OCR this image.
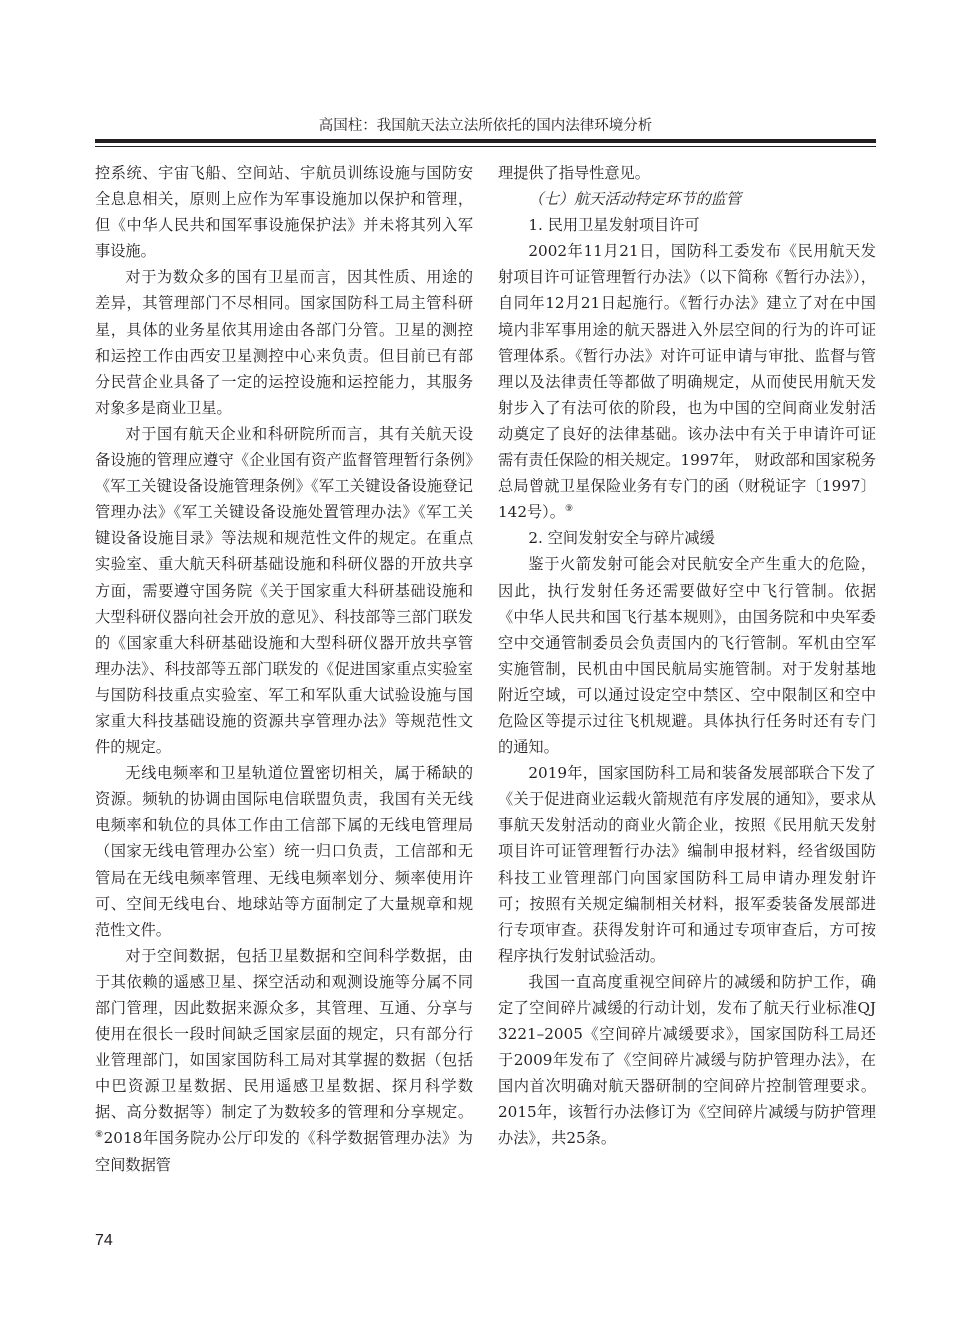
高国柱：我国航天法立法所依托的国内法律环境分析

控系统、宇宙飞船、空间站、宇航员训练设施与国防安全息息相关，原则上应作为军事设施加以保护和管理，但《中华人民共和国军事设施保护法》并未将其列入军事设施。

对于为数众多的国有卫星而言，因其性质、用途的差异，其管理部门不尽相同。国家国防科工局主管科研星，具体的业务星依其用途由各部门分管。卫星的测控和运控工作由西安卫星测控中心来负责。但目前已有部分民营企业具备了一定的运控设施和运控能力，其服务对象多是商业卫星。

对于国有航天企业和科研院所而言，其有关航天设备设施的管理应遵守《企业国有资产监督管理暂行条例》《军工关键设备设施管理条例》《军工关键设备设施登记管理办法》《军工关键设备设施处置管理办法》《军工关键设备设施目录》等法规和规范性文件的规定。在重点实验室、重大航天科研基础设施和科研仪器的开放共享方面，需要遵守国务院《关于国家重大科研基础设施和大型科研仪器向社会开放的意见》、科技部等三部门联发的《国家重大科研基础设施和大型科研仪器开放共享管理办法》、科技部等五部门联发的《促进国家重点实验室与国防科技重点实验室、军工和军队重大试验设施与国家重大科技基础设施的资源共享管理办法》等规范性文件的规定。

无线电频率和卫星轨道位置密切相关，属于稀缺的资源。频轨的协调由国际电信联盟负责，我国有关无线电频率和轨位的具体工作由工信部下属的无线电管理局（国家无线电管理办公室）统一归口负责，工信部和无管局在无线电频率管理、无线电频率划分、频率使用许可、空间无线电台、地球站等方面制定了大量规章和规范性文件。

对于空间数据，包括卫星数据和空间科学数据，由于其依赖的遥感卫星、探空活动和观测设施等分属不同部门管理，因此数据来源众多，其管理、互通、分享与使用在很长一段时间缺乏国家层面的规定，只有部分行业管理部门，如国家国防科工局对其掌握的数据（包括中巴资源卫星数据、民用遥感卫星数据、探月科学数据、高分数据等）制定了为数较多的管理和分享规定。⑧2018年国务院办公厅印发的《科学数据管理办法》为空间数据管

理提供了指导性意见。

（七）航天活动特定环节的监管

1. 民用卫星发射项目许可

2002年11月21日，国防科工委发布《民用航天发射项目许可证管理暂行办法》（以下简称《暂行办法》），自同年12月21日起施行。《暂行办法》建立了对在中国境内非军事用途的航天器进入外层空间的行为的许可证管理体系。《暂行办法》对许可证申请与审批、监督与管理以及法律责任等都做了明确规定，从而使民用航天发射步入了有法可依的阶段，也为中国的空间商业发射活动奠定了良好的法律基础。该办法中有关于申请许可证需有责任保险的相关规定。1997年， 财政部和国家税务总局曾就卫星保险业务有专门的函（财税证字〔1997〕142号）。⑨

2. 空间发射安全与碎片减缓

鉴于火箭发射可能会对民航安全产生重大的危险，因此，执行发射任务还需要做好空中飞行管制。依据《中华人民共和国飞行基本规则》，由国务院和中央军委空中交通管制委员会负责国内的飞行管制。军机由空军实施管制，民机由中国民航局实施管制。对于发射基地附近空域，可以通过设定空中禁区、空中限制区和空中危险区等提示过往飞机规避。具体执行任务时还有专门的通知。

2019年，国家国防科工局和装备发展部联合下发了《关于促进商业运载火箭规范有序发展的通知》，要求从事航天发射活动的商业火箭企业，按照《民用航天发射项目许可证管理暂行办法》编制申报材料，经省级国防科技工业管理部门向国家国防科工局申请办理发射许可；按照有关规定编制相关材料，报军委装备发展部进行专项审查。获得发射许可和通过专项审查后，方可按程序执行发射试验活动。

我国一直高度重视空间碎片的减缓和防护工作，确定了空间碎片减缓的行动计划，发布了航天行业标准QJ 3221–2005《空间碎片减缓要求》，国家国防科工局还于2009年发布了《空间碎片减缓与防护管理办法》，在国内首次明确对航天器研制的空间碎片控制管理要求。2015年，该暂行办法修订为《空间碎片减缓与防护管理办法》，共25条。

74
